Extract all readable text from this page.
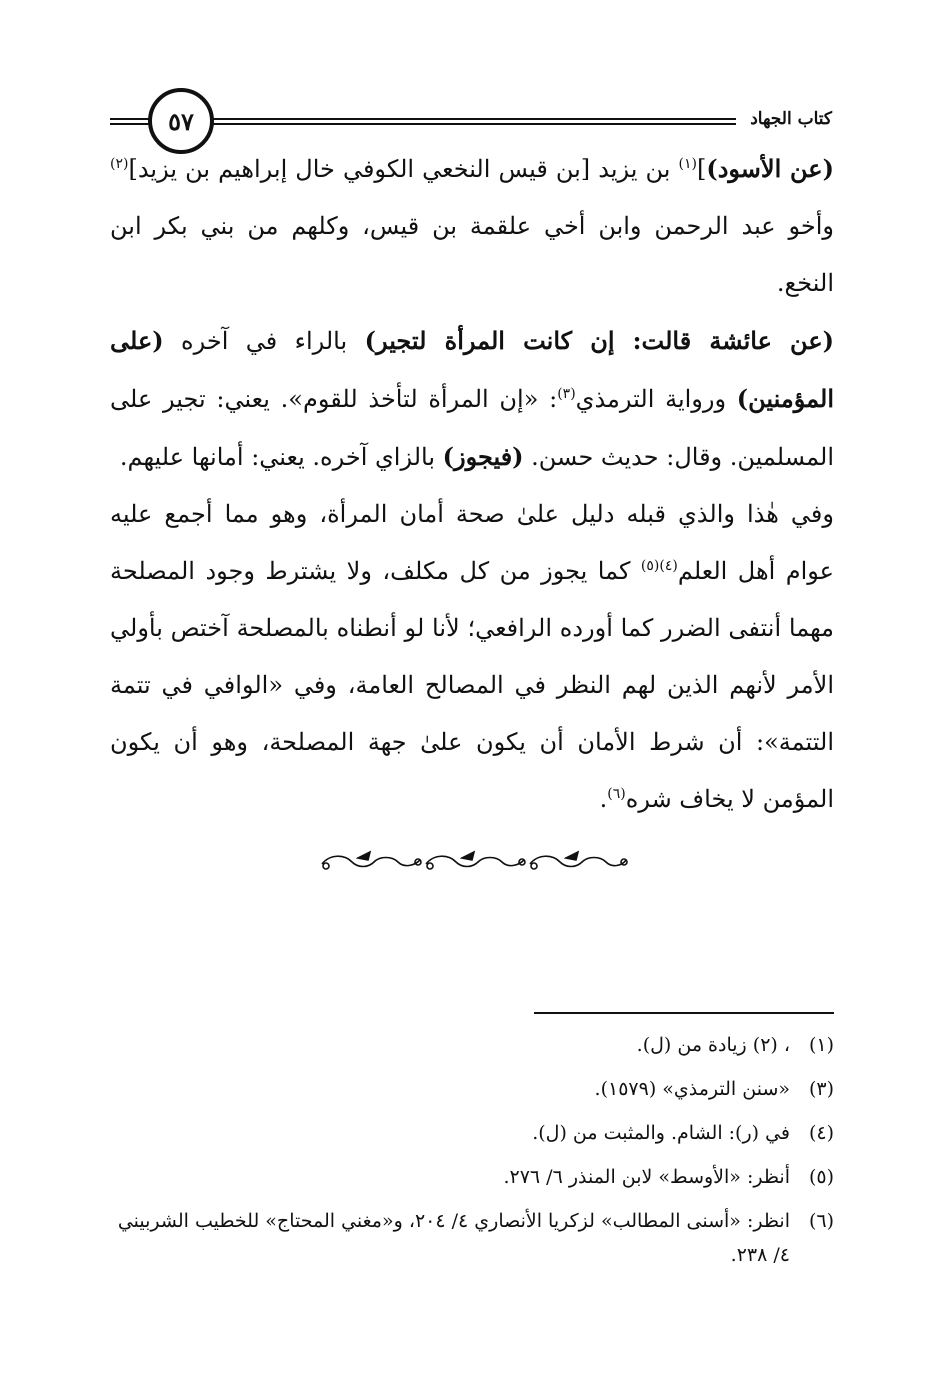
كتاب الجهاد
٥٧

(عن الأسود)]$^{(١)}$ بن يزيد [بن قيس النخعي الكوفي خال إبراهيم بن يزيد]$^{(٢)}$ وأخو عبد الرحمن وابن أخي علقمة بن قيس، وكلهم من بني بكر ابن النخع.

(عن عائشة قالت: إن كانت المرأة لتجير) بالراء في آخره (على المؤمنين) ورواية الترمذي$^{(٣)}$: «إن المرأة لتأخذ للقوم». يعني: تجير على المسلمين. وقال: حديث حسن. (فيجوز) بالزاي آخره. يعني: أمانها عليهم.

وفي هٰذا والذي قبله دليل علىٰ صحة أمان المرأة، وهو مما أجمع عليه عوام أهل العلم$^{(٤)(٥)}$ كما يجوز من كل مكلف، ولا يشترط وجود المصلحة مهما أنتفى الضرر كما أورده الرافعي؛ لأنا لو أنطناه بالمصلحة آختص بأولي الأمر لأنهم الذين لهم النظر في المصالح العامة، وفي «الوافي في تتمة التتمة»: أن شرط الأمان أن يكون علىٰ جهة المصلحة، وهو أن يكون المؤمن لا يخاف شره$^{(٦)}$.

(١)
، (٢) زيادة من (ل).
(٣)
«سنن الترمذي» (١٥٧٩).
(٤)
في (ر): الشام. والمثبت من (ل).
(٥)
أنظر: «الأوسط» لابن المنذر ٦/ ٢٧٦.
(٦)
انظر: «أسنى المطالب» لزكريا الأنصاري ٤/ ٢٠٤، و«مغني المحتاج» للخطيب الشربيني ٤/ ٢٣٨.
